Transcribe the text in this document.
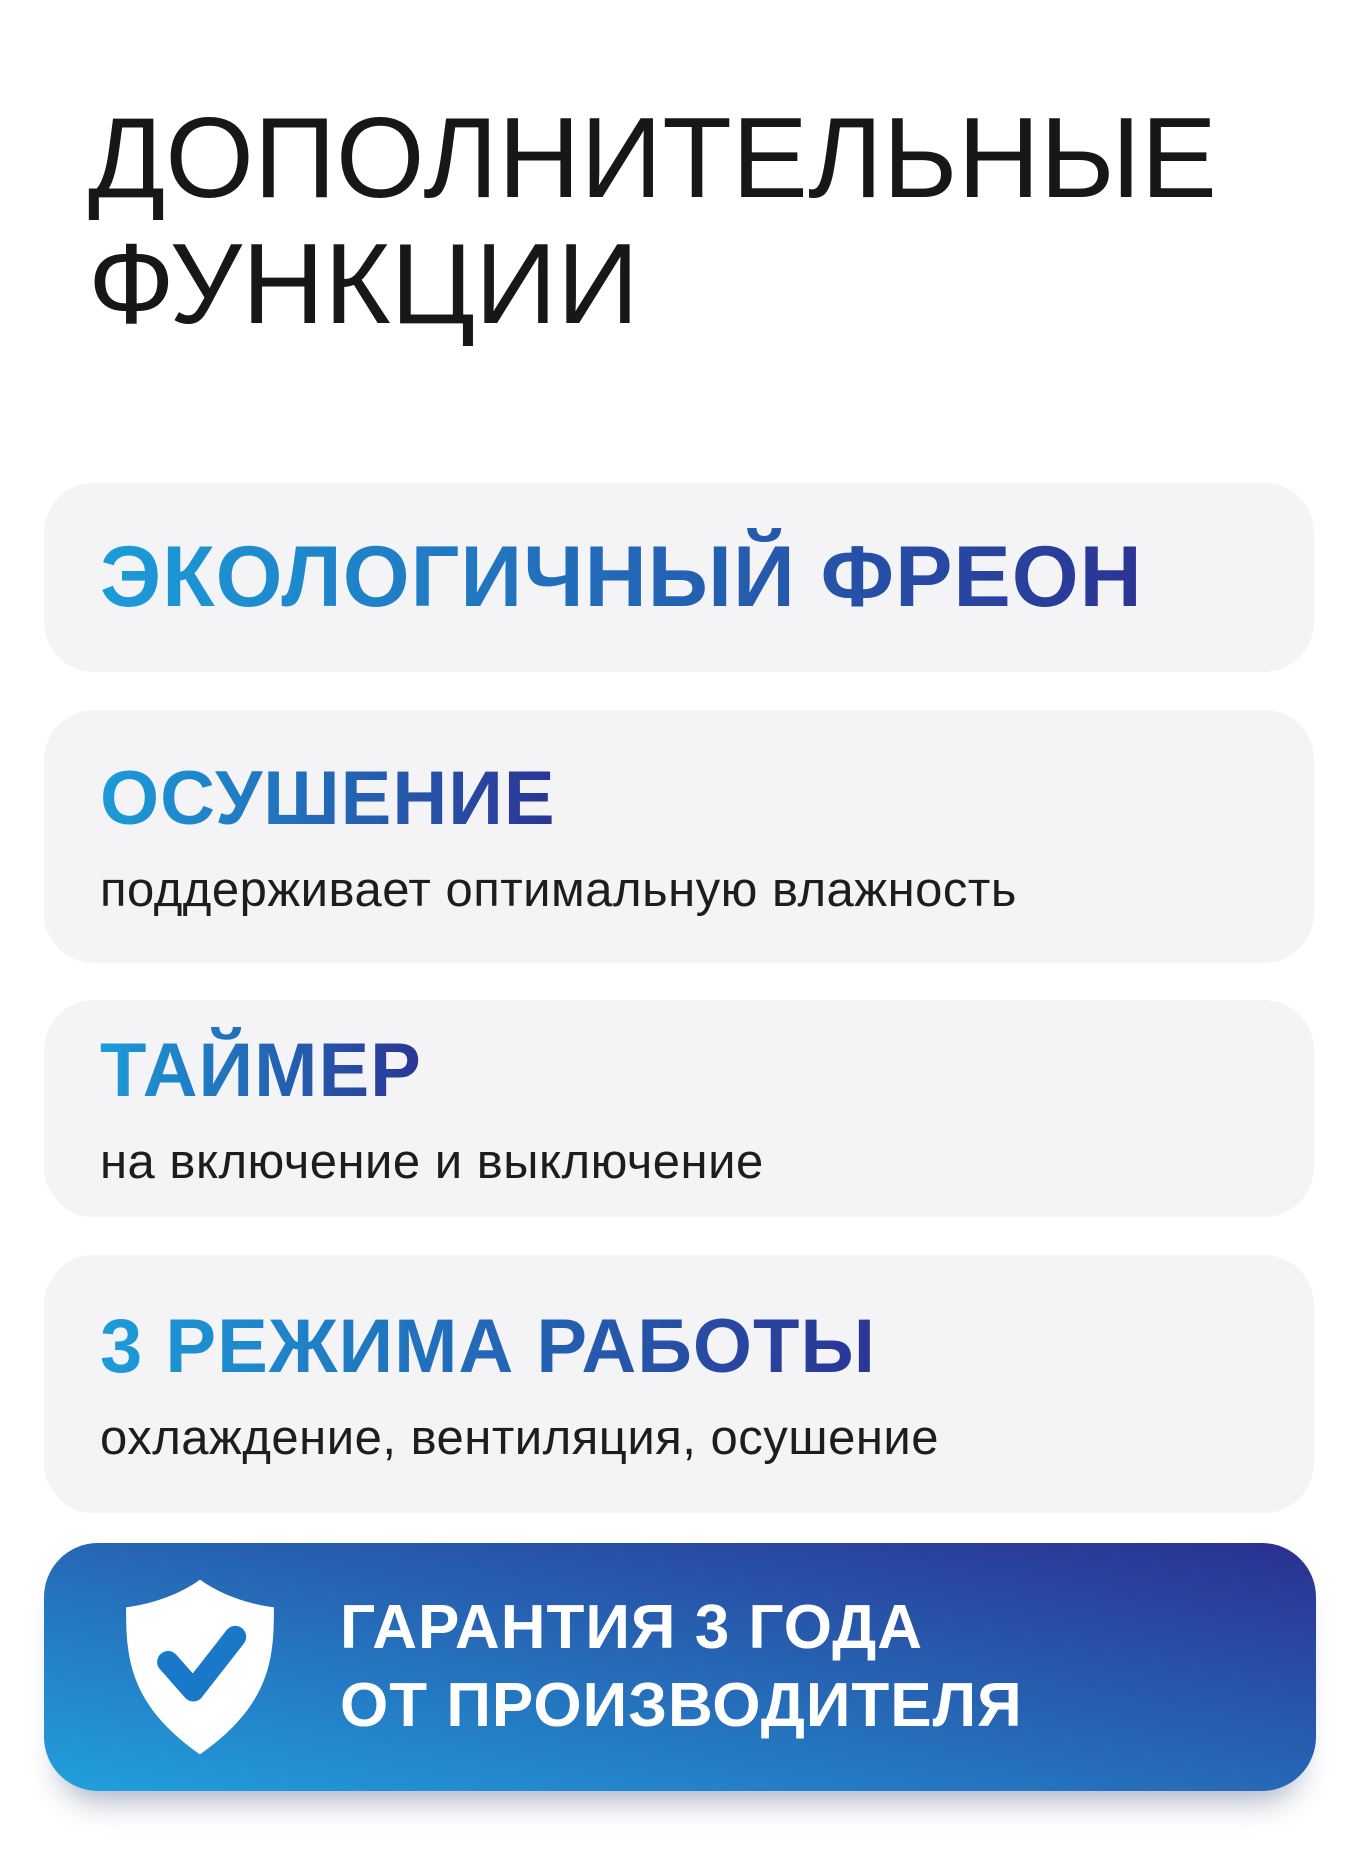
ДОПОЛНИТЕЛЬНЫЕ
ФУНКЦИИ
ЭКОЛОГИЧНЫЙ ФРЕОН
ОСУШЕНИЕ
поддерживает оптимальную влажность
ТАЙМЕР
на включение и выключение
3 РЕЖИМА РАБОТЫ
охлаждение, вентиляция, осушение
ГАРАНТИЯ 3 ГОДА
ОТ ПРОИЗВОДИТЕЛЯ
